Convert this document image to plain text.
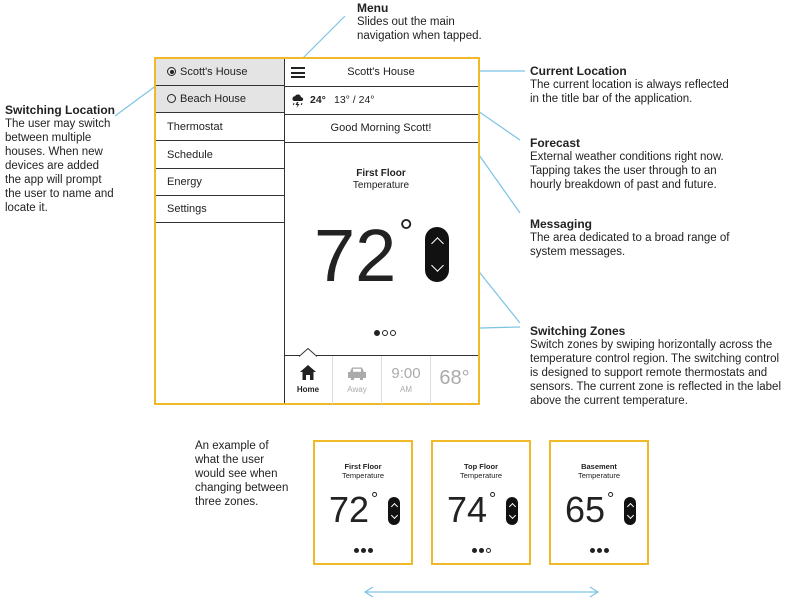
Menu
Slides out the main
navigation when tapped.
Switching Location
The user may switch
between multiple
houses. When new
devices are added
the app will prompt
the user to name and
locate it.
Current Location
The current location is always reflected
in the title bar of the application.
Forecast
External weather conditions right now.
Tapping takes the user through to an
hourly breakdown of past and future.
Messaging
The area dedicated to a broad range of
system messages.
Switching Zones
Switch zones by swiping horizontally across the
temperature control region. The switching control
is designed to support remote thermostats and
sensors. The current zone is reflected in the label
above the current temperature.
An example of
what the user
would see when
changing between
three zones.
Scott's House
Beach House
Thermostat
Schedule
Energy
Settings
Scott's House
24° 13° / 24°
Good Morning Scott!
First Floor
Temperature
72 °
Home	Away
9:00
AM
68°
First Floor
Temperature
72 °
Top Floor
Temperature
74 °
Basement
Temperature
65 °
